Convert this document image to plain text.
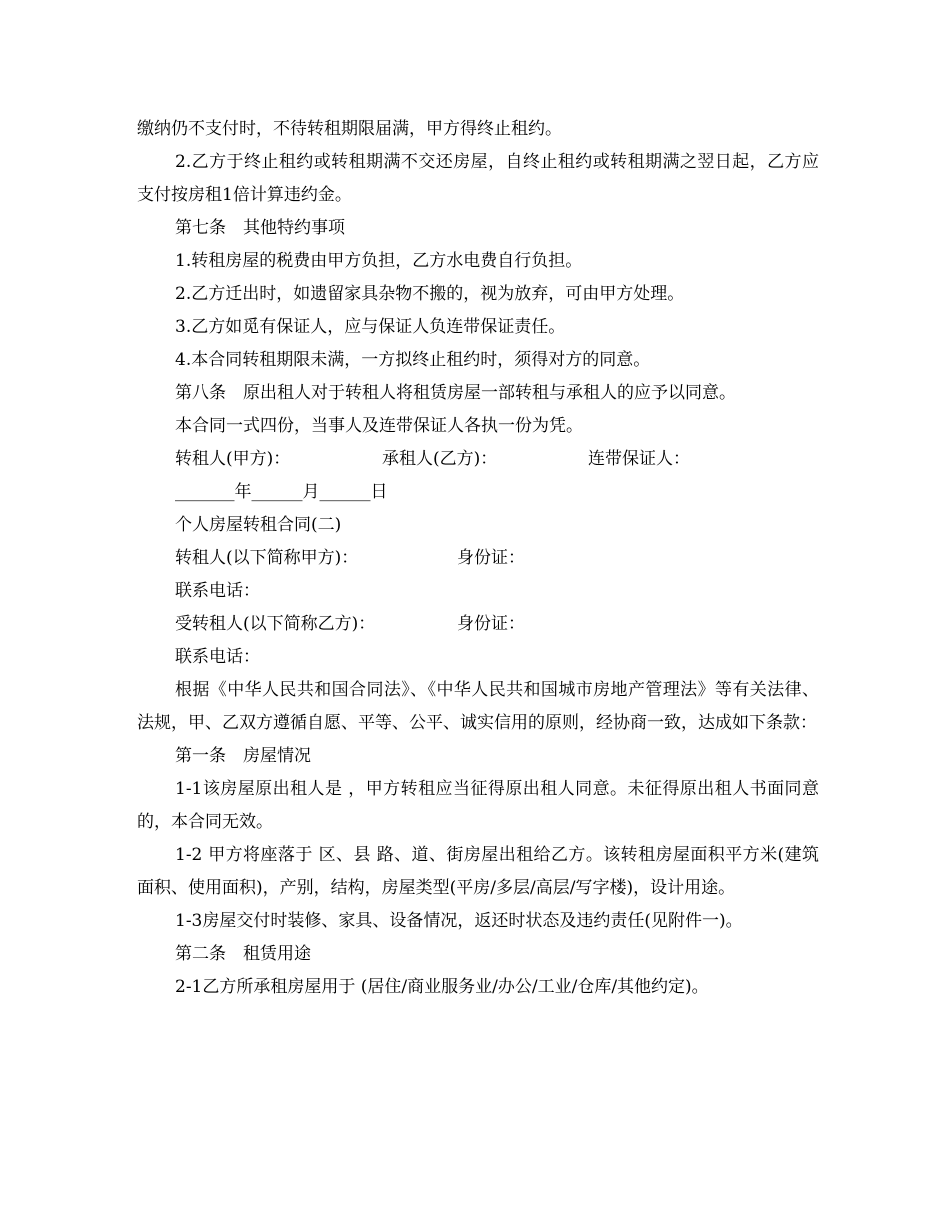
缴纳仍不支付时，不待转租期限届满，甲方得终止租约。

2.乙方于终止租约或转租期满不交还房屋，自终止租约或转租期满之翌日起，乙方应支付按房租1倍计算违约金。

第七条　其他特约事项

1.转租房屋的税费由甲方负担，乙方水电费自行负担。

2.乙方迁出时，如遗留家具杂物不搬的，视为放弃，可由甲方处理。

3.乙方如觅有保证人，应与保证人负连带保证责任。

4.本合同转租期限未满，一方拟终止租约时，须得对方的同意。

第八条　原出租人对于转租人将租赁房屋一部转租与承租人的应予以同意。

本合同一式四份，当事人及连带保证人各执一份为凭。

转租人(甲方)：	承租人(乙方)：	连带保证人：

_______年______月______日

个人房屋转租合同(二)

转租人(以下简称甲方)：	身份证：

联系电话：

受转租人(以下简称乙方)：	身份证：

联系电话：

根据《中华人民共和国合同法》、《中华人民共和国城市房地产管理法》等有关法律、法规，甲、乙双方遵循自愿、平等、公平、诚实信用的原则，经协商一致，达成如下条款：

第一条　房屋情况

1-1该房屋原出租人是 ，甲方转租应当征得原出租人同意。未征得原出租人书面同意的，本合同无效。

1-2 甲方将座落于 区、县 路、道、街房屋出租给乙方。该转租房屋面积平方米(建筑面积、使用面积)，产别，结构，房屋类型(平房/多层/高层/写字楼)，设计用途。

1-3房屋交付时装修、家具、设备情况，返还时状态及违约责任(见附件一)。

第二条　租赁用途

2-1乙方所承租房屋用于 (居住/商业服务业/办公/工业/仓库/其他约定)。
